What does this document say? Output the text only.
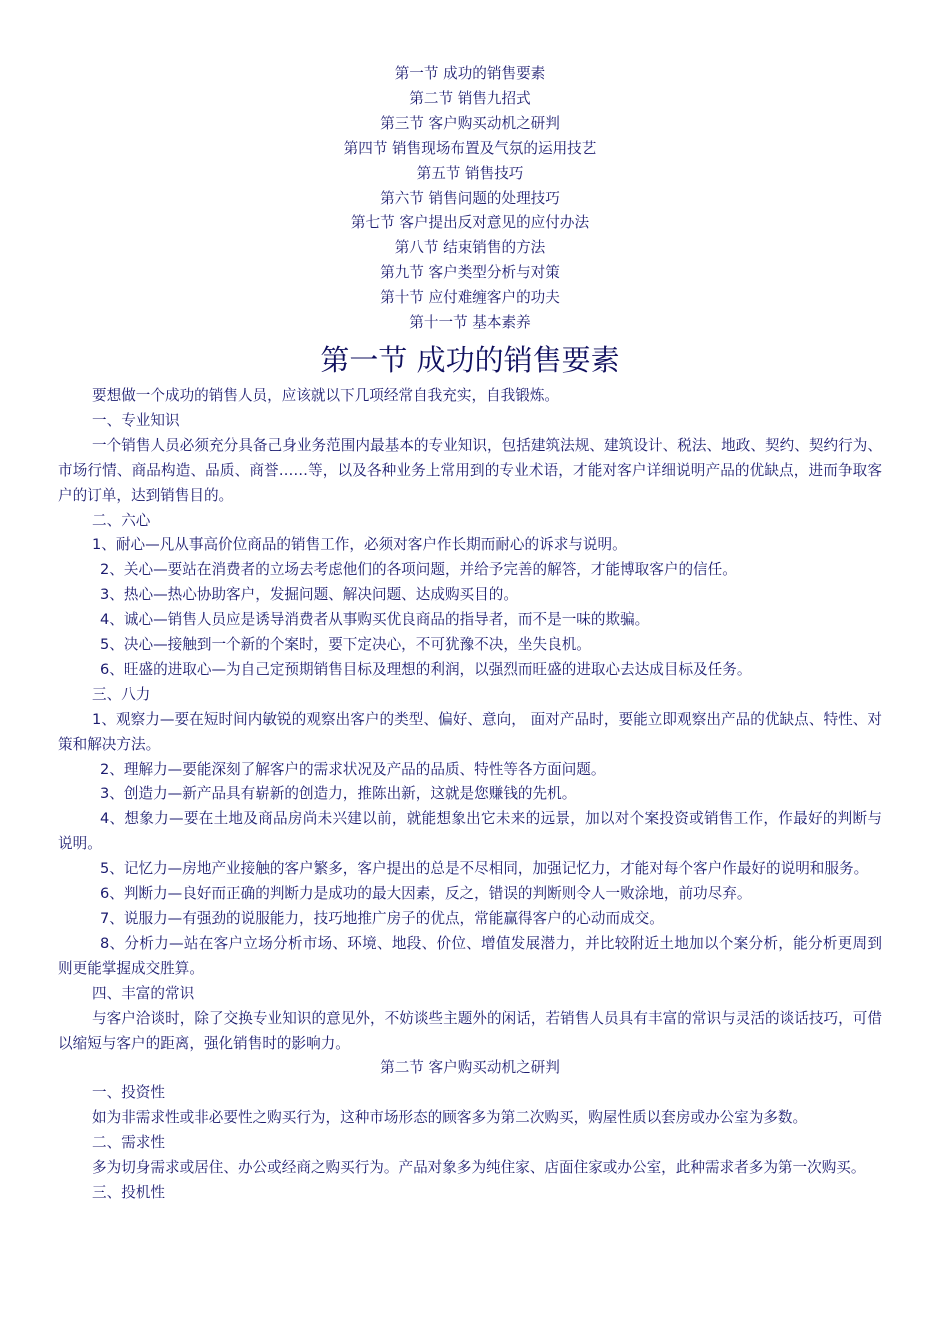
第一节 成功的销售要素
第二节 销售九招式
第三节 客户购买动机之研判
第四节 销售现场布置及气氛的运用技艺
第五节 销售技巧
第六节 销售问题的处理技巧
第七节 客户提出反对意见的应付办法
第八节 结束销售的方法
第九节 客户类型分析与对策
第十节 应付难缠客户的功夫
第十一节 基本素养
第一节 成功的销售要素

要想做一个成功的销售人员，应该就以下几项经常自我充实，自我锻炼。

一、专业知识

一个销售人员必须充分具备己身业务范围内最基本的专业知识，包括建筑法规、建筑设计、税法、地政、契约、契约行为、市场行情、商品构造、品质、商誉……等，以及各种业务上常用到的专业术语，才能对客户详细说明产品的优缺点，进而争取客户的订单，达到销售目的。

二、六心

1、耐心—凡从事高价位商品的销售工作，必须对客户作长期而耐心的诉求与说明。

2、关心—要站在消费者的立场去考虑他们的各项问题，并给予完善的解答，才能博取客户的信任。

3、热心—热心协助客户，发掘问题、解决问题、达成购买目的。

4、诚心—销售人员应是诱导消费者从事购买优良商品的指导者，而不是一味的欺骗。

5、决心—接触到一个新的个案时，要下定决心，不可犹豫不决，坐失良机。

6、旺盛的进取心—为自己定预期销售目标及理想的利润，以强烈而旺盛的进取心去达成目标及任务。

三、八力

1、观察力—要在短时间内敏锐的观察出客户的类型、偏好、意向， 面对产品时，要能立即观察出产品的优缺点、特性、对策和解决方法。

2、理解力—要能深刻了解客户的需求状况及产品的品质、特性等各方面问题。

3、创造力—新产品具有崭新的创造力，推陈出新，这就是您赚钱的先机。

4、想象力—要在土地及商品房尚未兴建以前，就能想象出它未来的远景，加以对个案投资或销售工作，作最好的判断与说明。

5、记忆力—房地产业接触的客户繁多，客户提出的总是不尽相同，加强记忆力，才能对每个客户作最好的说明和服务。

6、判断力—良好而正确的判断力是成功的最大因素，反之，错误的判断则令人一败涂地，前功尽弃。

7、说服力—有强劲的说服能力，技巧地推广房子的优点，常能赢得客户的心动而成交。

8、分析力—站在客户立场分析市场、环境、地段、价位、增值发展潜力，并比较附近土地加以个案分析，能分析更周到则更能掌握成交胜算。

四、丰富的常识

与客户洽谈时，除了交换专业知识的意见外，不妨谈些主题外的闲话，若销售人员具有丰富的常识与灵活的谈话技巧，可借以缩短与客户的距离，强化销售时的影响力。

第二节 客户购买动机之研判

一、投资性

如为非需求性或非必要性之购买行为，这种市场形态的顾客多为第二次购买，购屋性质以套房或办公室为多数。

二、需求性

多为切身需求或居住、办公或经商之购买行为。产品对象多为纯住家、店面住家或办公室，此种需求者多为第一次购买。

三、投机性
